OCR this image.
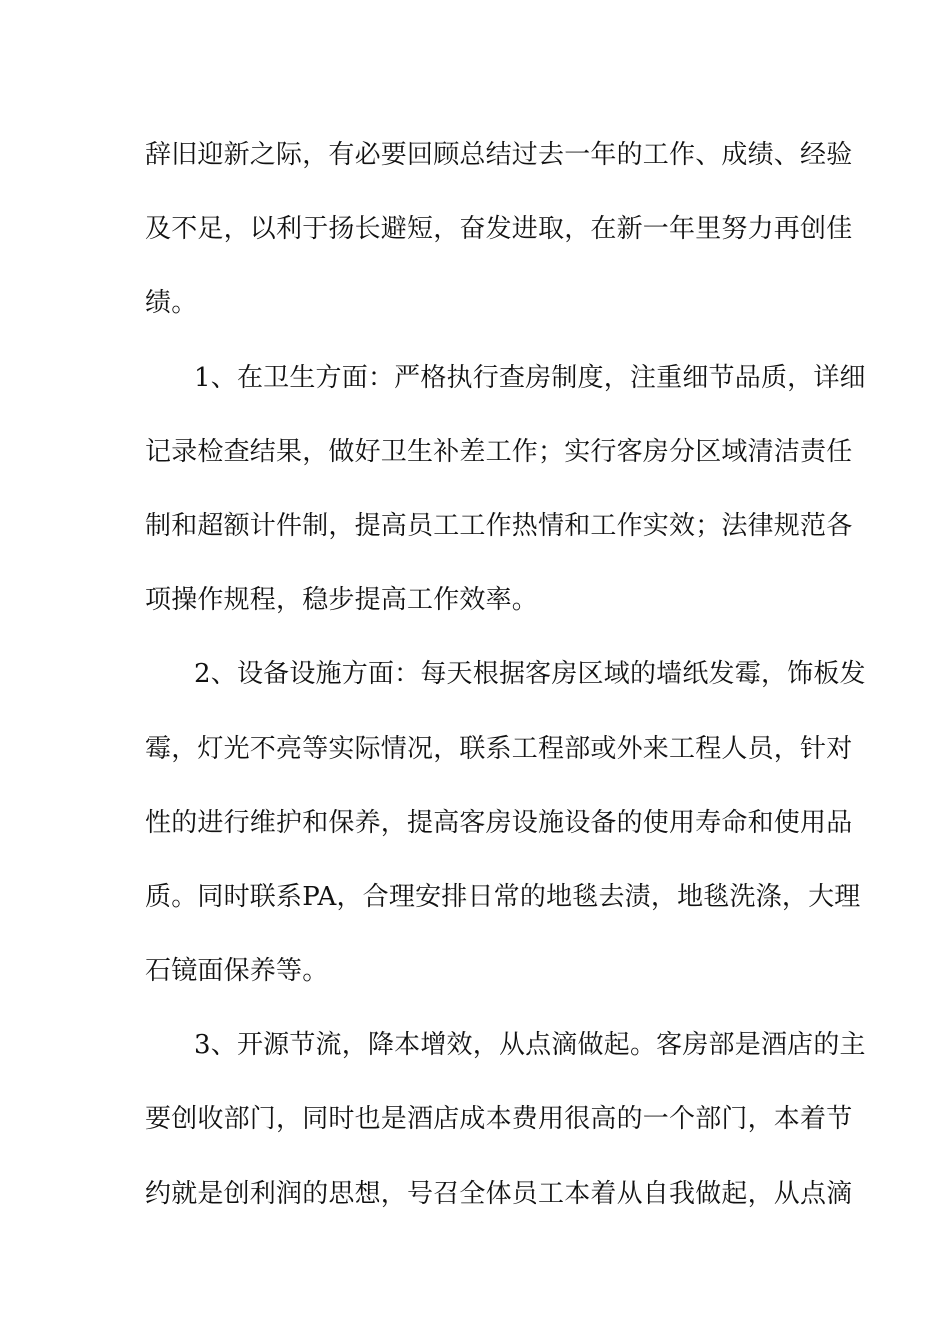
辞旧迎新之际，有必要回顾总结过去一年的工作、成绩、经验
及不足，以利于扬长避短，奋发进取，在新一年里努力再创佳
绩。
1、在卫生方面：严格执行查房制度，注重细节品质，详细
记录检查结果，做好卫生补差工作；实行客房分区域清洁责任
制和超额计件制，提高员工工作热情和工作实效；法律规范各
项操作规程，稳步提高工作效率。
2、设备设施方面：每天根据客房区域的墙纸发霉，饰板发
霉，灯光不亮等实际情况，联系工程部或外来工程人员，针对
性的进行维护和保养，提高客房设施设备的使用寿命和使用品
质。同时联系PA，合理安排日常的地毯去渍，地毯洗涤，大理
石镜面保养等。
3、开源节流，降本增效，从点滴做起。客房部是酒店的主
要创收部门，同时也是酒店成本费用很高的一个部门，本着节
约就是创利润的思想，号召全体员工本着从自我做起，从点滴
